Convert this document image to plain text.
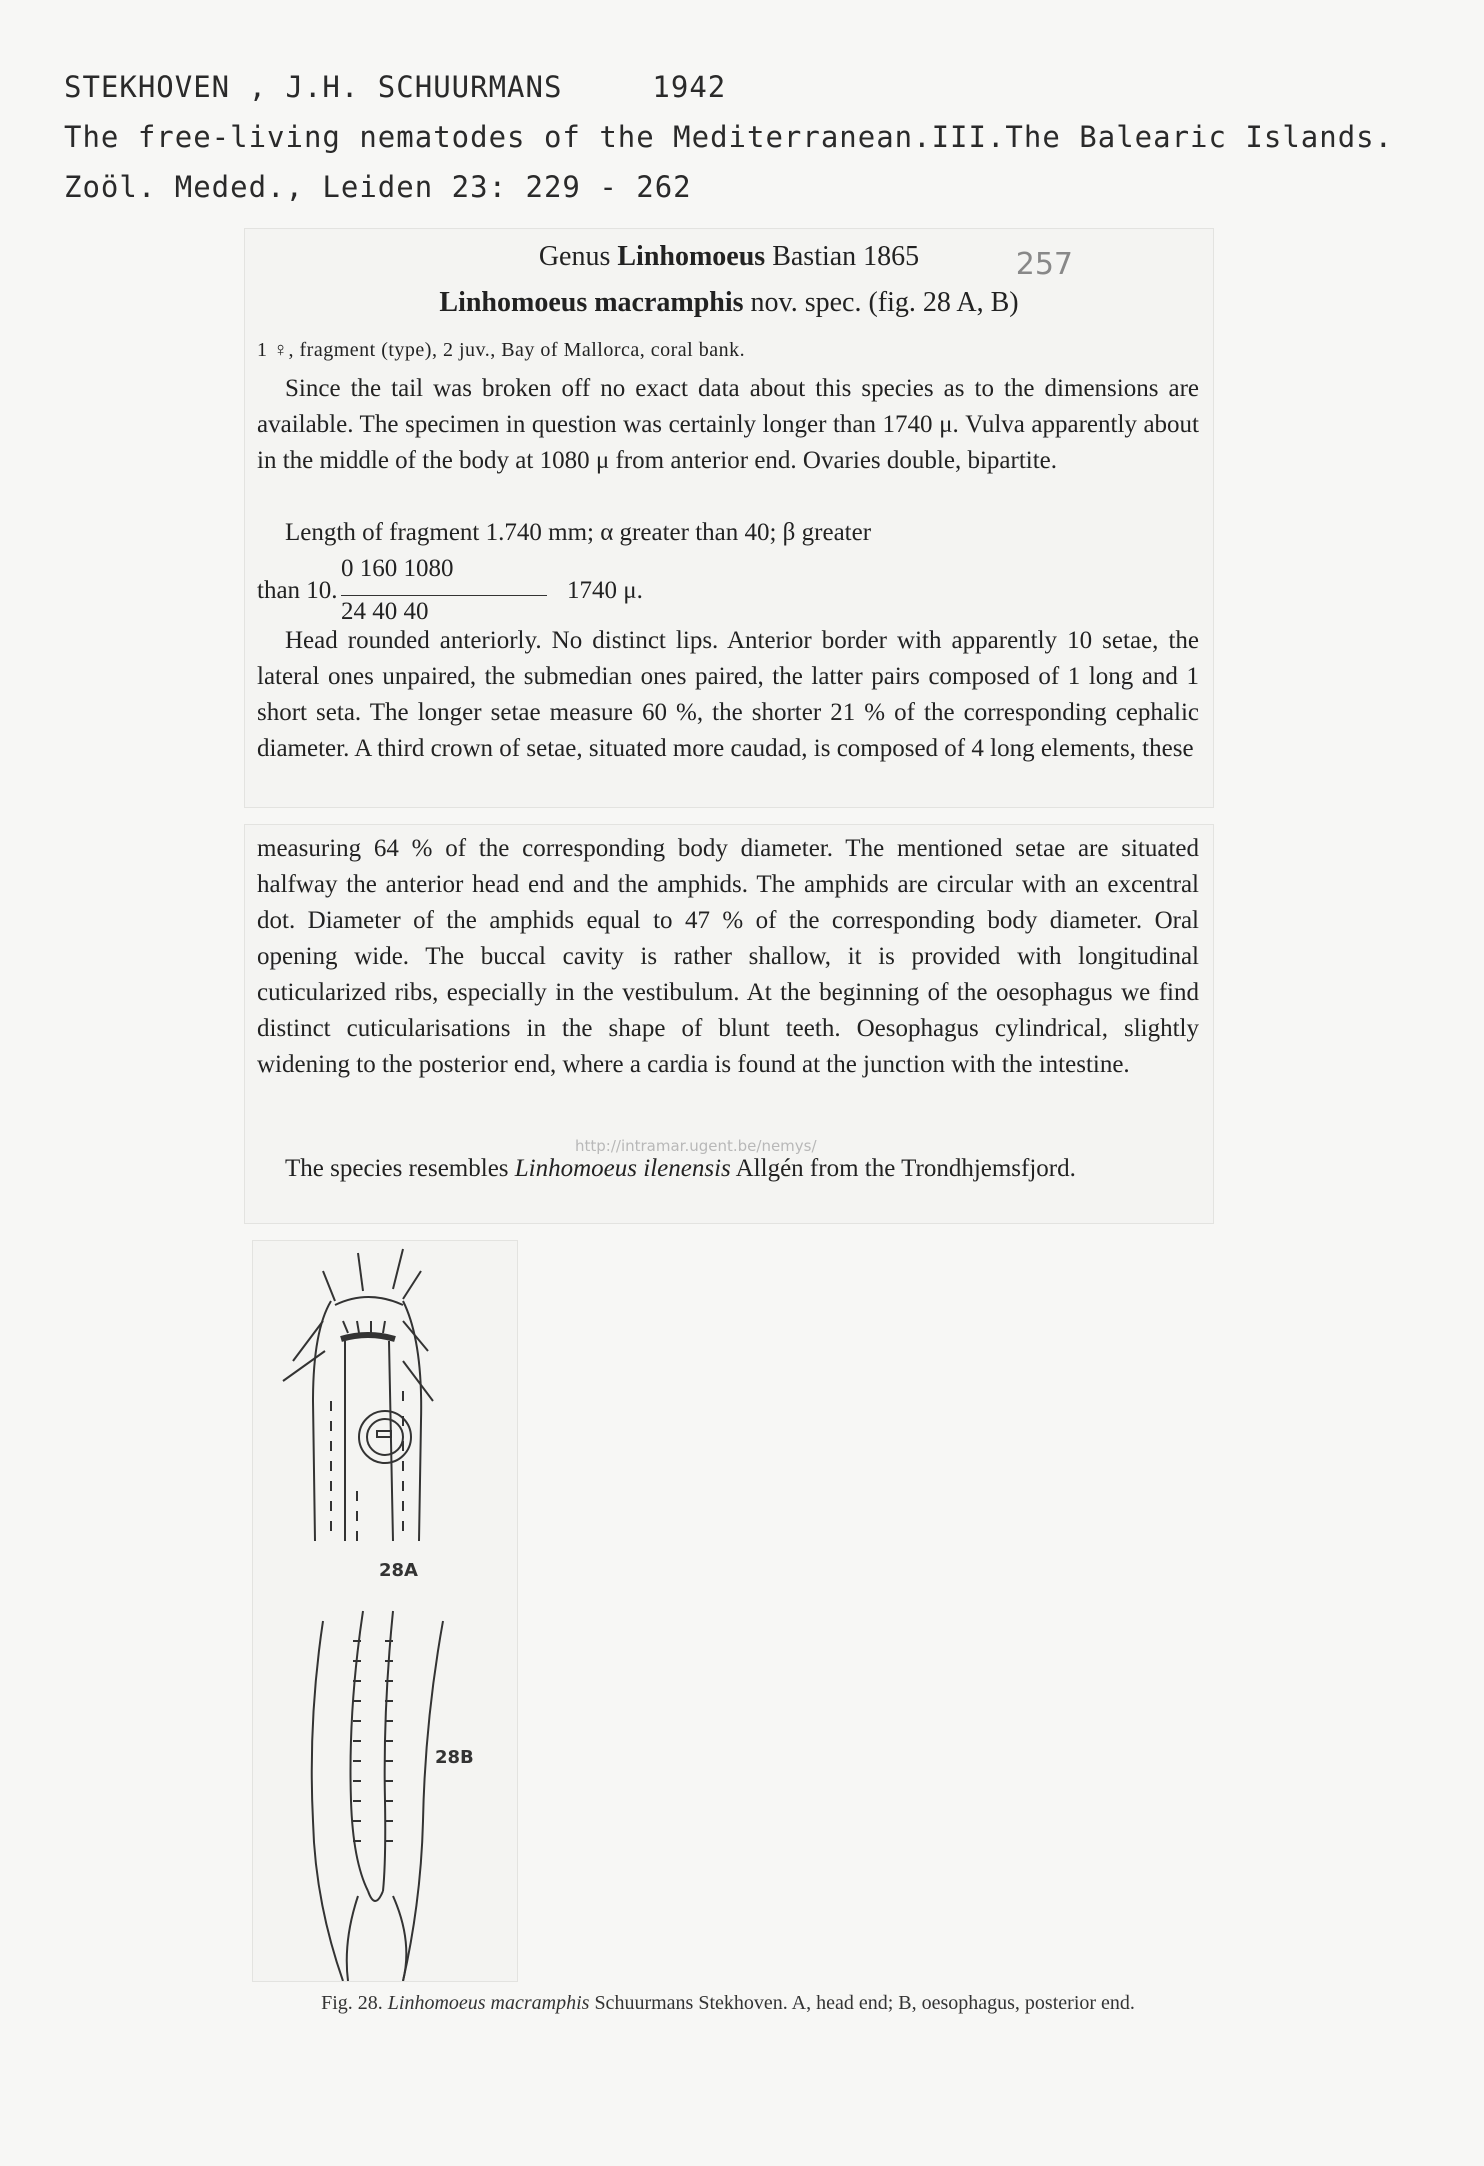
STEKHOVEN , J.H. SCHUURMANS	1942
The free-living nematodes of the Mediterranean.III.The Balearic Islands.
Zoöl. Meded., Leiden 23: 229 - 262
257
Genus Linhomoeus Bastian 1865
Linhomoeus macramphis nov. spec. (fig. 28 A, B)
1 ♀, fragment (type), 2 juv., Bay of Mallorca, coral bank.
Since the tail was broken off no exact data about this species as to the dimensions are available. The specimen in question was certainly longer than 1740 μ. Vulva apparently about in the middle of the body at 1080 μ from anterior end. Ovaries double, bipartite.
Length of fragment 1.740 mm; α greater than 40; β greater
than 10.
$\frac{0 160 1080}{24 40 40}$
1740 μ.
Head rounded anteriorly. No distinct lips. Anterior border with apparently 10 setae, the lateral ones unpaired, the submedian ones paired, the latter pairs composed of 1 long and 1 short seta. The longer setae measure 60 %, the shorter 21 % of the corresponding cephalic diameter. A third crown of setae, situated more caudad, is composed of 4 long elements, these
measuring 64 % of the corresponding body diameter. The mentioned setae are situated halfway the anterior head end and the amphids. The amphids are circular with an excentral dot. Diameter of the amphids equal to 47 % of the corresponding body diameter. Oral opening wide. The buccal cavity is rather shallow, it is provided with longitudinal cuticularized ribs, especially in the vestibulum. At the beginning of the oesophagus we find distinct cuticularisations in the shape of blunt teeth. Oesophagus cylindrical, slightly widening to the posterior end, where a cardia is found at the junction with the intestine.
The species resembles Linhomoeus ilenensis Allgén from the Trondhjemsfjord.
http://intramar.ugent.be/nemys/
28A
28B
Fig. 28. Linhomoeus macramphis Schuurmans Stekhoven. A, head end; B, oesophagus, posterior end.
